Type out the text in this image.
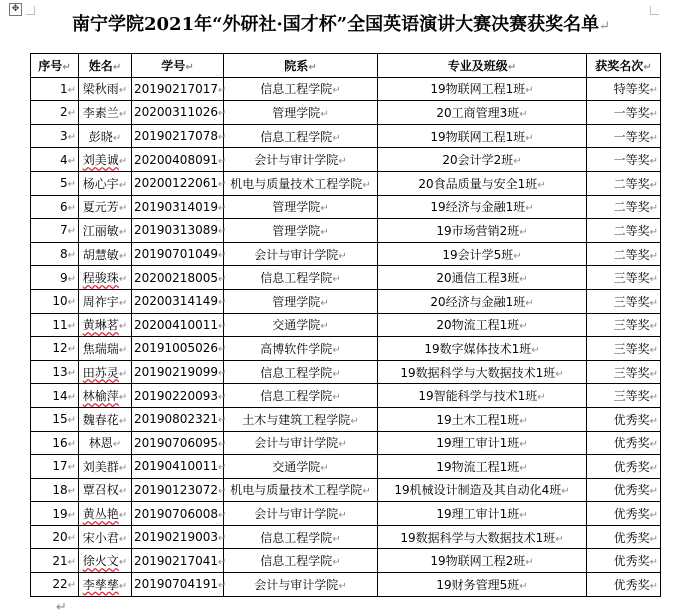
✥
南宁学院2021年“外研社·国才杯”全国英语演讲大赛决赛获奖名单↵
序号↵	姓名↵	学号↵	院系↵	专业及班级↵	获奖名次↵
1↵	梁秋雨↵	20190217017↵	信息工程学院↵	19物联网工程1班↵	特等奖↵
2↵	李素兰↵	20200311026↵	管理学院↵	20工商管理3班↵	一等奖↵
3↵	彭晓↵	20190217078↵	信息工程学院↵	19物联网工程1班↵	一等奖↵
4↵	刘美诚↵	20200408091↵	会计与审计学院↵	20会计学2班↵	一等奖↵
5↵	杨心宇↵	20200122061↵	机电与质量技术工程学院↵	20食品质量与安全1班↵	二等奖↵
6↵	夏元芳↵	20190314019↵	管理学院↵	19经济与金融1班↵	二等奖↵
7↵	江丽敏↵	20190313089↵	管理学院↵	19市场营销2班↵	二等奖↵
8↵	胡慧敏↵	20190701049↵	会计与审计学院↵	19会计学5班↵	二等奖↵
9↵	程骏珠↵	20200218005↵	信息工程学院↵	20通信工程3班↵	三等奖↵
10↵	周祚宇↵	20200314149↵	管理学院↵	20经济与金融1班↵	三等奖↵
11↵	黄琳茗↵	20200410011↵	交通学院↵	20物流工程1班↵	三等奖↵
12↵	焦瑞瑞↵	20191005026↵	高博软件学院↵	19数字媒体技术1班↵	三等奖↵
13↵	田苏灵↵	20190219099↵	信息工程学院↵	19数据科学与大数据技术1班↵	三等奖↵
14↵	林榆萍↵	20190220093↵	信息工程学院↵	19智能科学与技术1班↵	三等奖↵
15↵	魏春花↵	20190802321↵	土木与建筑工程学院↵	19土木工程1班↵	优秀奖↵
16↵	林恩↵	20190706095↵	会计与审计学院↵	19理工审计1班↵	优秀奖↵
17↵	刘美群↵	20190410011↵	交通学院↵	19物流工程1班↵	优秀奖↵
18↵	覃召权↵	20190123072↵	机电与质量技术工程学院↵	19机械设计制造及其自动化4班↵	优秀奖↵
19↵	黄丛艳↵	20190706008↵	会计与审计学院↵	19理工审计1班↵	优秀奖↵
20↵	宋小君↵	20190219003↵	信息工程学院↵	19数据科学与大数据技术1班↵	优秀奖↵
21↵	徐火文↵	20190217041↵	信息工程学院↵	19物联网工程2班↵	优秀奖↵
22↵	李孳孳↵	20190704191↵	会计与审计学院↵	19财务管理5班↵	优秀奖↵
↵
